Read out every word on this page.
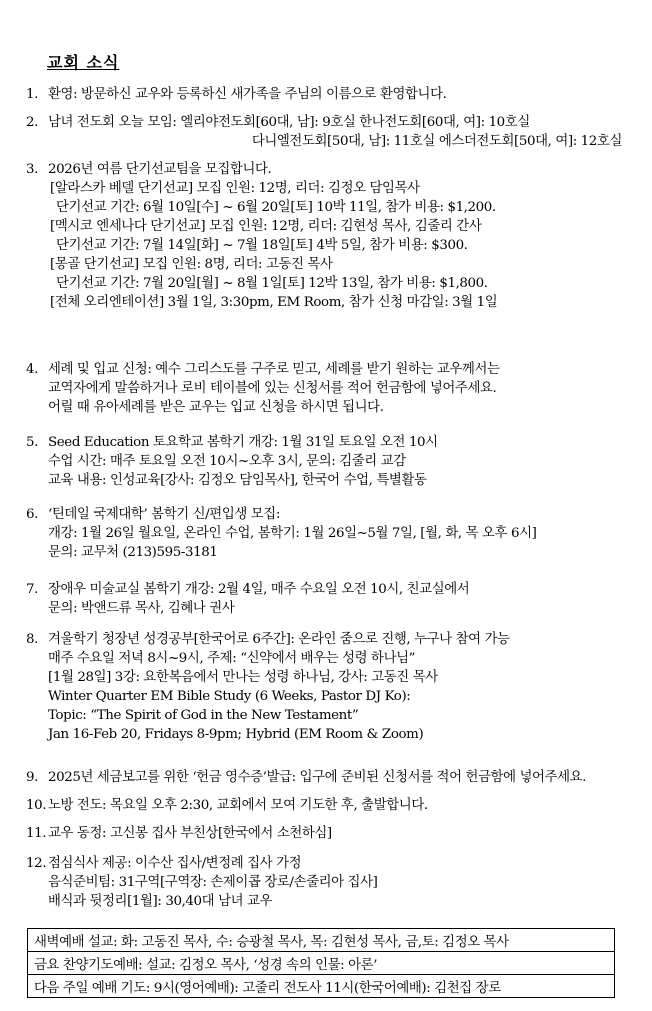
교회 소식
1. 환영: 방문하신 교우와 등록하신 새가족을 주님의 이름으로 환영합니다.
2. 남녀 전도회 오늘 모임: 엘리야전도회[60대, 남]: 9호실 한나전도회[60대, 여]: 10호실
다니엘전도회[50대, 남]: 11호실 에스더전도회[50대, 여]: 12호실
3. 2026년 여름 단기선교팀을 모집합니다.
[알라스카 베델 단기선교] 모집 인원: 12명, 리더: 김정오 담임목사
단기선교 기간: 6월 10일[수] ~ 6월 20일[토] 10박 11일, 참가 비용: $1,200.
[멕시코 엔세나다 단기선교] 모집 인원: 12명, 리더: 김현성 목사, 김줄리 간사
단기선교 기간: 7월 14일[화] ~ 7월 18일[토] 4박 5일, 참가 비용: $300.
[몽골 단기선교] 모집 인원: 8명, 리더: 고동진 목사
단기선교 기간: 7월 20일[월] ~ 8월 1일[토] 12박 13일, 참가 비용: $1,800.
[전체 오리엔테이션] 3월 1일, 3:30pm, EM Room, 참가 신청 마감일: 3월 1일
4. 세례 및 입교 신청: 예수 그리스도를 구주로 믿고, 세례를 받기 원하는 교우께서는
교역자에게 말씀하거나 로비 테이블에 있는 신청서를 적어 헌금함에 넣어주세요.
어릴 때 유아세례를 받은 교우는 입교 신청을 하시면 됩니다.
5. Seed Education 토요학교 봄학기 개강: 1월 31일 토요일 오전 10시
수업 시간: 매주 토요일 오전 10시~오후 3시, 문의: 김줄리 교감
교육 내용: 인성교육[강사: 김정오 담임목사], 한국어 수업, 특별활동
6. ‘틴데일 국제대학’ 봄학기 신/편입생 모집:
개강: 1월 26일 월요일, 온라인 수업, 봄학기: 1월 26일~5월 7일, [월, 화, 목 오후 6시]
문의: 교무처 (213)595-3181
7. 장애우 미술교실 봄학기 개강: 2월 4일, 매주 수요일 오전 10시, 친교실에서
문의: 박앤드류 목사, 김혜나 권사
8. 겨울학기 청장년 성경공부[한국어로 6주간]: 온라인 줌으로 진행, 누구나 참여 가능
매주 수요일 저녁 8시~9시, 주제: “신약에서 배우는 성령 하나님”
[1월 28일] 3강: 요한복음에서 만나는 성령 하나님, 강사: 고동진 목사
Winter Quarter EM Bible Study (6 Weeks, Pastor DJ Ko):
Topic: “The Spirit of God in the New Testament”
Jan 16-Feb 20, Fridays 8-9pm; Hybrid (EM Room & Zoom)
9. 2025년 세금보고를 위한 ‘헌금 영수증’발급: 입구에 준비된 신청서를 적어 헌금함에 넣어주세요.
10. 노방 전도: 목요일 오후 2:30, 교회에서 모여 기도한 후, 출발합니다.
11. 교우 동정: 고신봉 집사 부친상[한국에서 소천하심]
12. 점심식사 제공: 이수산 집사/변정례 집사 가정
음식준비팀: 31구역[구역장: 손제이콥 장로/손줄리아 집사]
배식과 뒷정리[1월]: 30,40대 남녀 교우
새벽예배 설교: 화: 고동진 목사, 수: 승광철 목사, 목: 김현성 목사, 금,토: 김정오 목사
금요 찬양기도예배: 설교: 김정오 목사, ‘성경 속의 인물: 아론’
다음 주일 예배 기도: 9시(영어예배): 고줄리 전도사 11시(한국어예배): 김천집 장로
